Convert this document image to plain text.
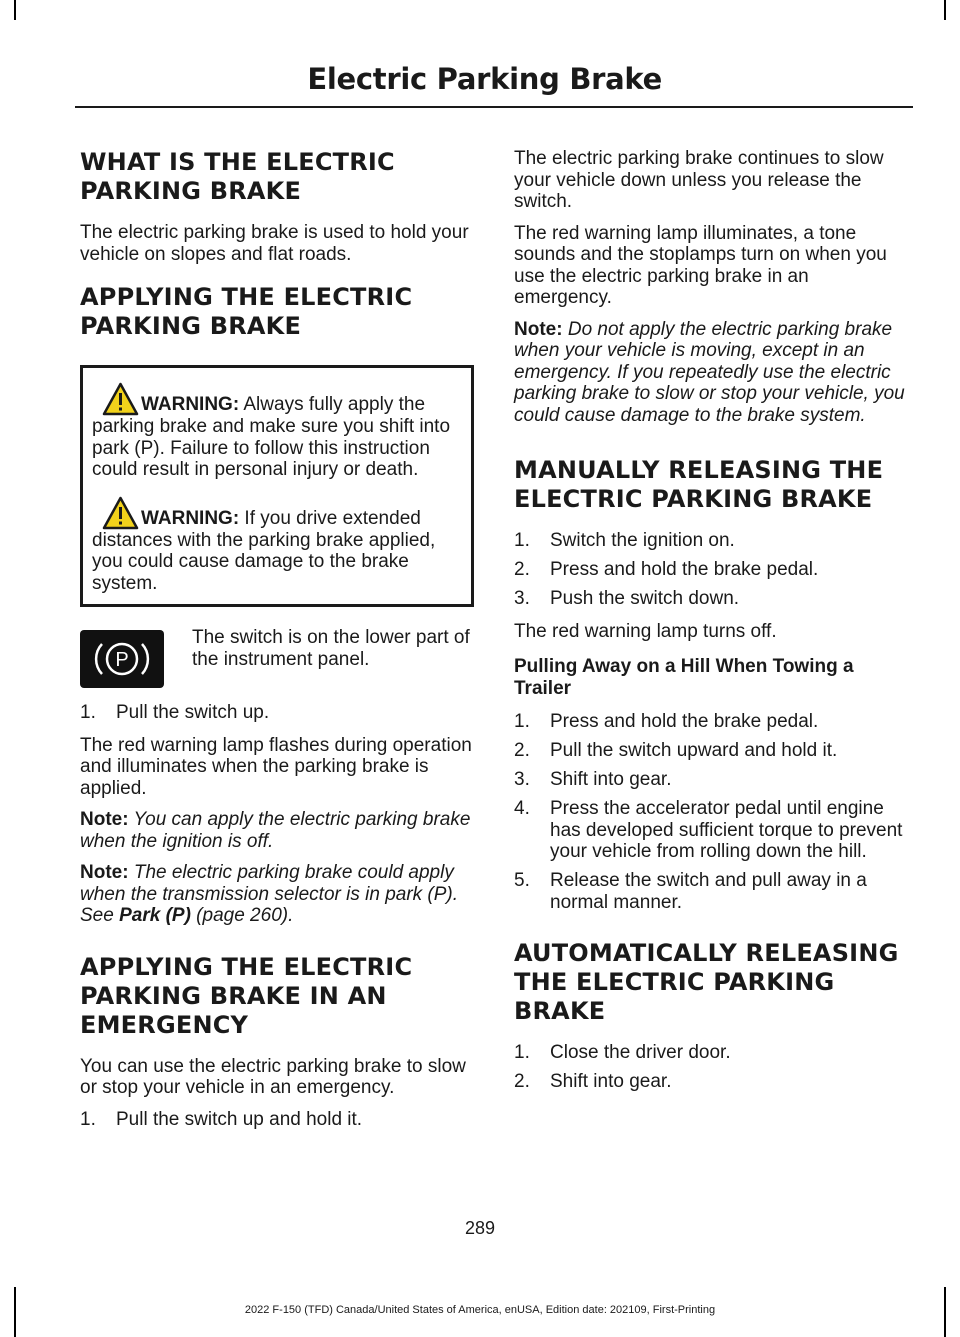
Electric Parking Brake
WHAT IS THE ELECTRIC
PARKING BRAKE

The electric parking brake is used to hold your vehicle on slopes and flat roads.

APPLYING THE ELECTRIC
PARKING BRAKE
WARNING: Always fully apply the parking brake and make sure you shift into park (P). Failure to follow this instruction could result in personal injury or death.
WARNING: If you drive extended distances with the parking brake applied, you could cause damage to the brake system.
P
The switch is on the lower part of the instrument panel.
1.	Pull the switch up.

The red warning lamp flashes during operation and illuminates when the parking brake is applied.

Note: You can apply the electric parking brake when the ignition is off.

Note: The electric parking brake could apply when the transmission selector is in park (P). See Park (P) (page 260).

APPLYING THE ELECTRIC
PARKING BRAKE IN AN
EMERGENCY

You can use the electric parking brake to slow or stop your vehicle in an emergency.

1.	Pull the switch up and hold it.

The electric parking brake continues to slow your vehicle down unless you release the switch.

The red warning lamp illuminates, a tone sounds and the stoplamps turn on when you use the electric parking brake in an emergency.

Note: Do not apply the electric parking brake when your vehicle is moving, except in an emergency. If you repeatedly use the electric parking brake to slow or stop your vehicle, you could cause damage to the brake system.

MANUALLY RELEASING THE
ELECTRIC PARKING BRAKE
1.	Switch the ignition on.
2.	Press and hold the brake pedal.
3.	Push the switch down.

The red warning lamp turns off.

Pulling Away on a Hill When Towing a Trailer
1.	Press and hold the brake pedal.
2.	Pull the switch upward and hold it.
3.	Shift into gear.
4.	Press the accelerator pedal until engine has developed sufficient torque to prevent your vehicle from rolling down the hill.
5.	Release the switch and pull away in a normal manner.
AUTOMATICALLY RELEASING
THE ELECTRIC PARKING
BRAKE
1.	Close the driver door.
2.	Shift into gear.
289
2022 F-150 (TFD) Canada/United States of America, enUSA, Edition date: 202109, First-Printing
